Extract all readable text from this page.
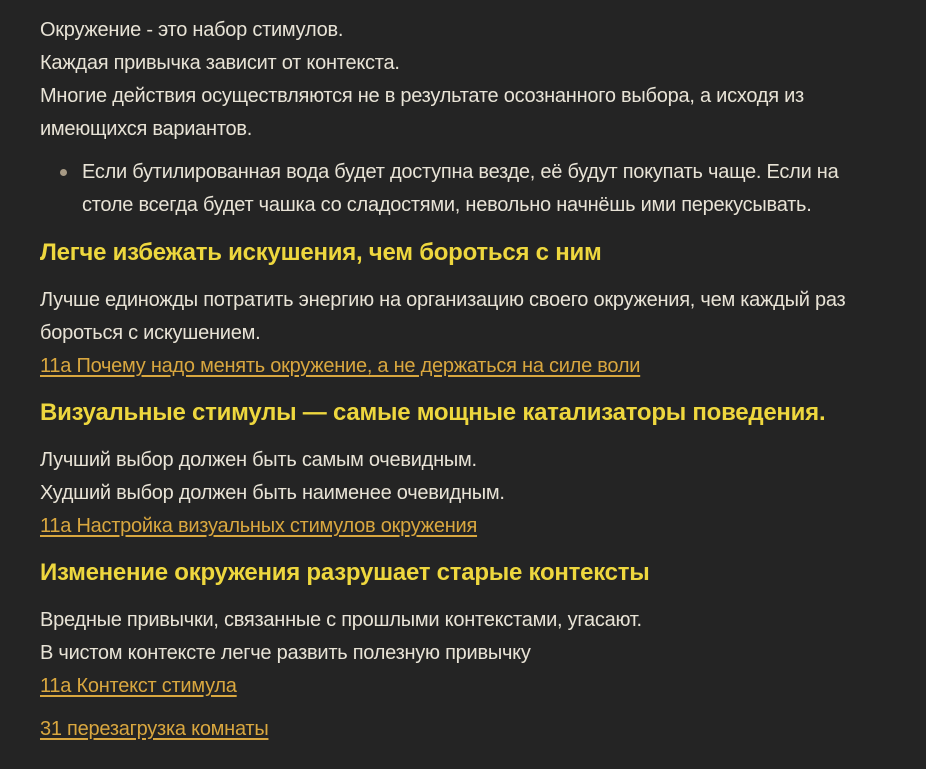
Окружение - это набор стимулов.
Каждая привычка зависит от контекста.
Многие действия осуществляются не в результате осознанного выбора, а исходя из имеющихся вариантов.

Если бутилированная вода будет доступна везде, её будут покупать чаще. Если на столе всегда будет чашка со сладостями, невольно начнёшь ими перекусывать.
Легче избежать искушения, чем бороться с ним

Лучше единожды потратить энергию на организацию своего окружения, чем каждый раз бороться с искушением.
11a Почему надо менять окружение, а не держаться на силе воли

Визуальные стимулы — самые мощные катализаторы поведения.

Лучший выбор должен быть самым очевидным.
Худший выбор должен быть наименее очевидным.
11a Настройка визуальных стимулов окружения

Изменение окружения разрушает старые контексты

Вредные привычки, связанные с прошлыми контекстами, угасают.
В чистом контексте легче развить полезную привычку
11a Контекст стимула

31 перезагрузка комнаты
